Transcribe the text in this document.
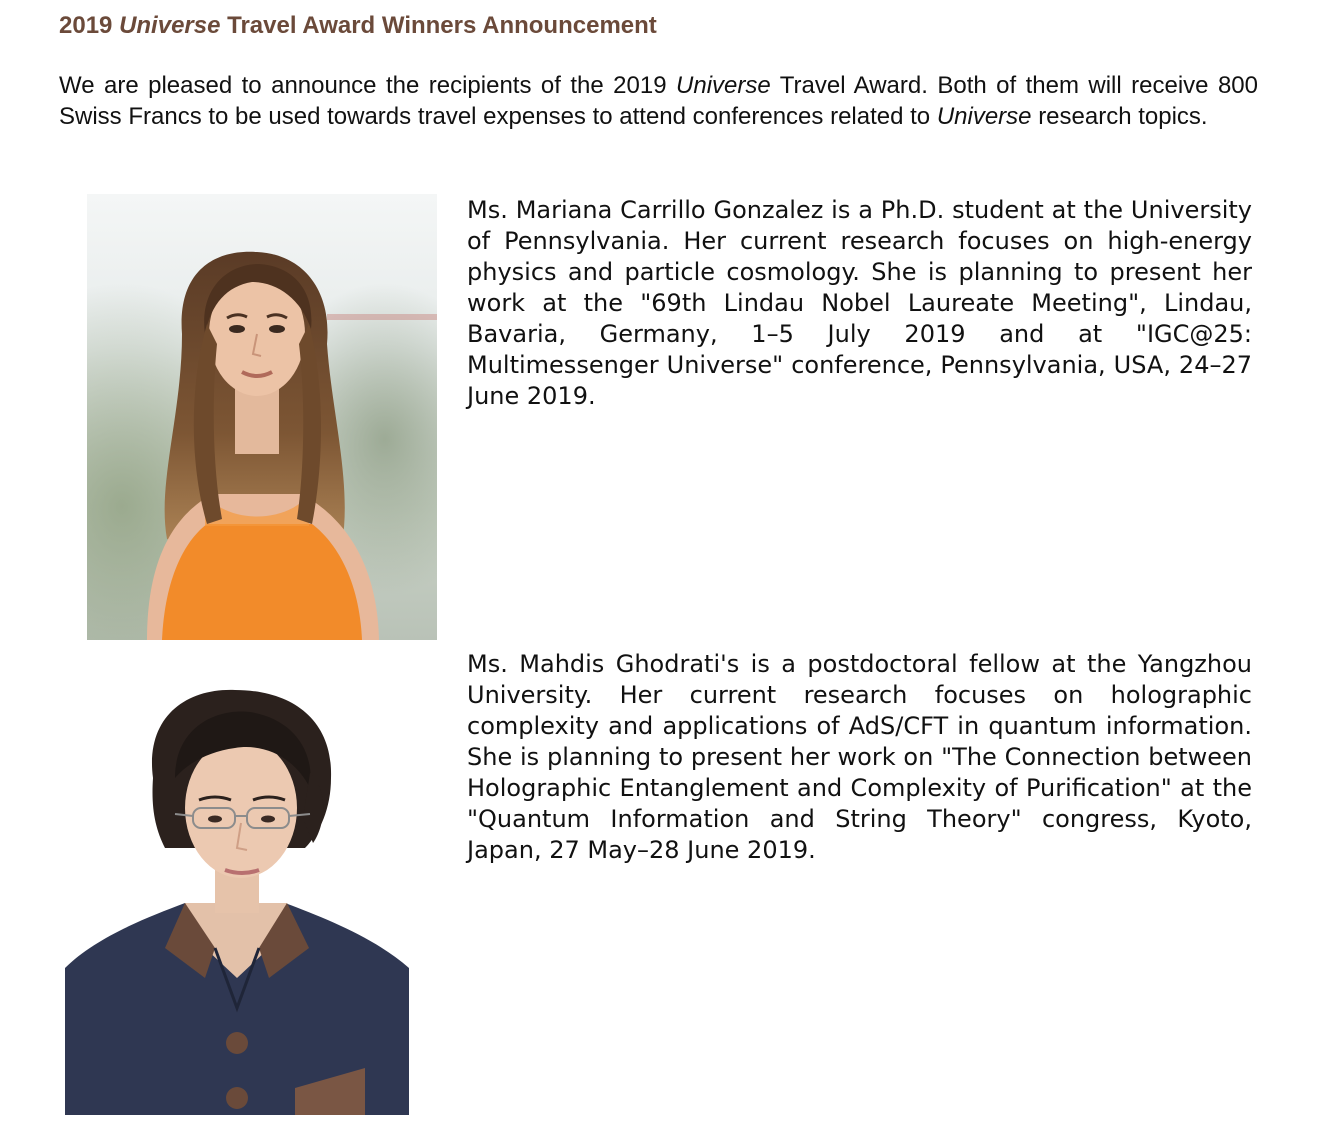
2019 Universe Travel Award Winners Announcement

We are pleased to announce the recipients of the 2019 Universe Travel Award. Both of them will receive 800 Swiss Francs to be used towards travel expenses to attend conferences related to Universe research topics.

Ms. Mariana Carrillo Gonzalez is a Ph.D. student at the University of Pennsylvania. Her current research focuses on high-energy physics and particle cosmology. She is planning to present her work at the "69th Lindau Nobel Laureate Meeting", Lindau, Bavaria, Germany, 1–5 July 2019 and at "IGC@25: Multimessenger Universe" conference, Pennsylvania, USA, 24–27 June 2019.

Ms. Mahdis Ghodrati's is a postdoctoral fellow at the Yangzhou University. Her current research focuses on holographic complexity and applications of AdS/CFT in quantum information. She is planning to present her work on "The Connection between Holographic Entanglement and Complexity of Purification" at the "Quantum Information and String Theory" congress, Kyoto, Japan, 27 May–28 June 2019.
